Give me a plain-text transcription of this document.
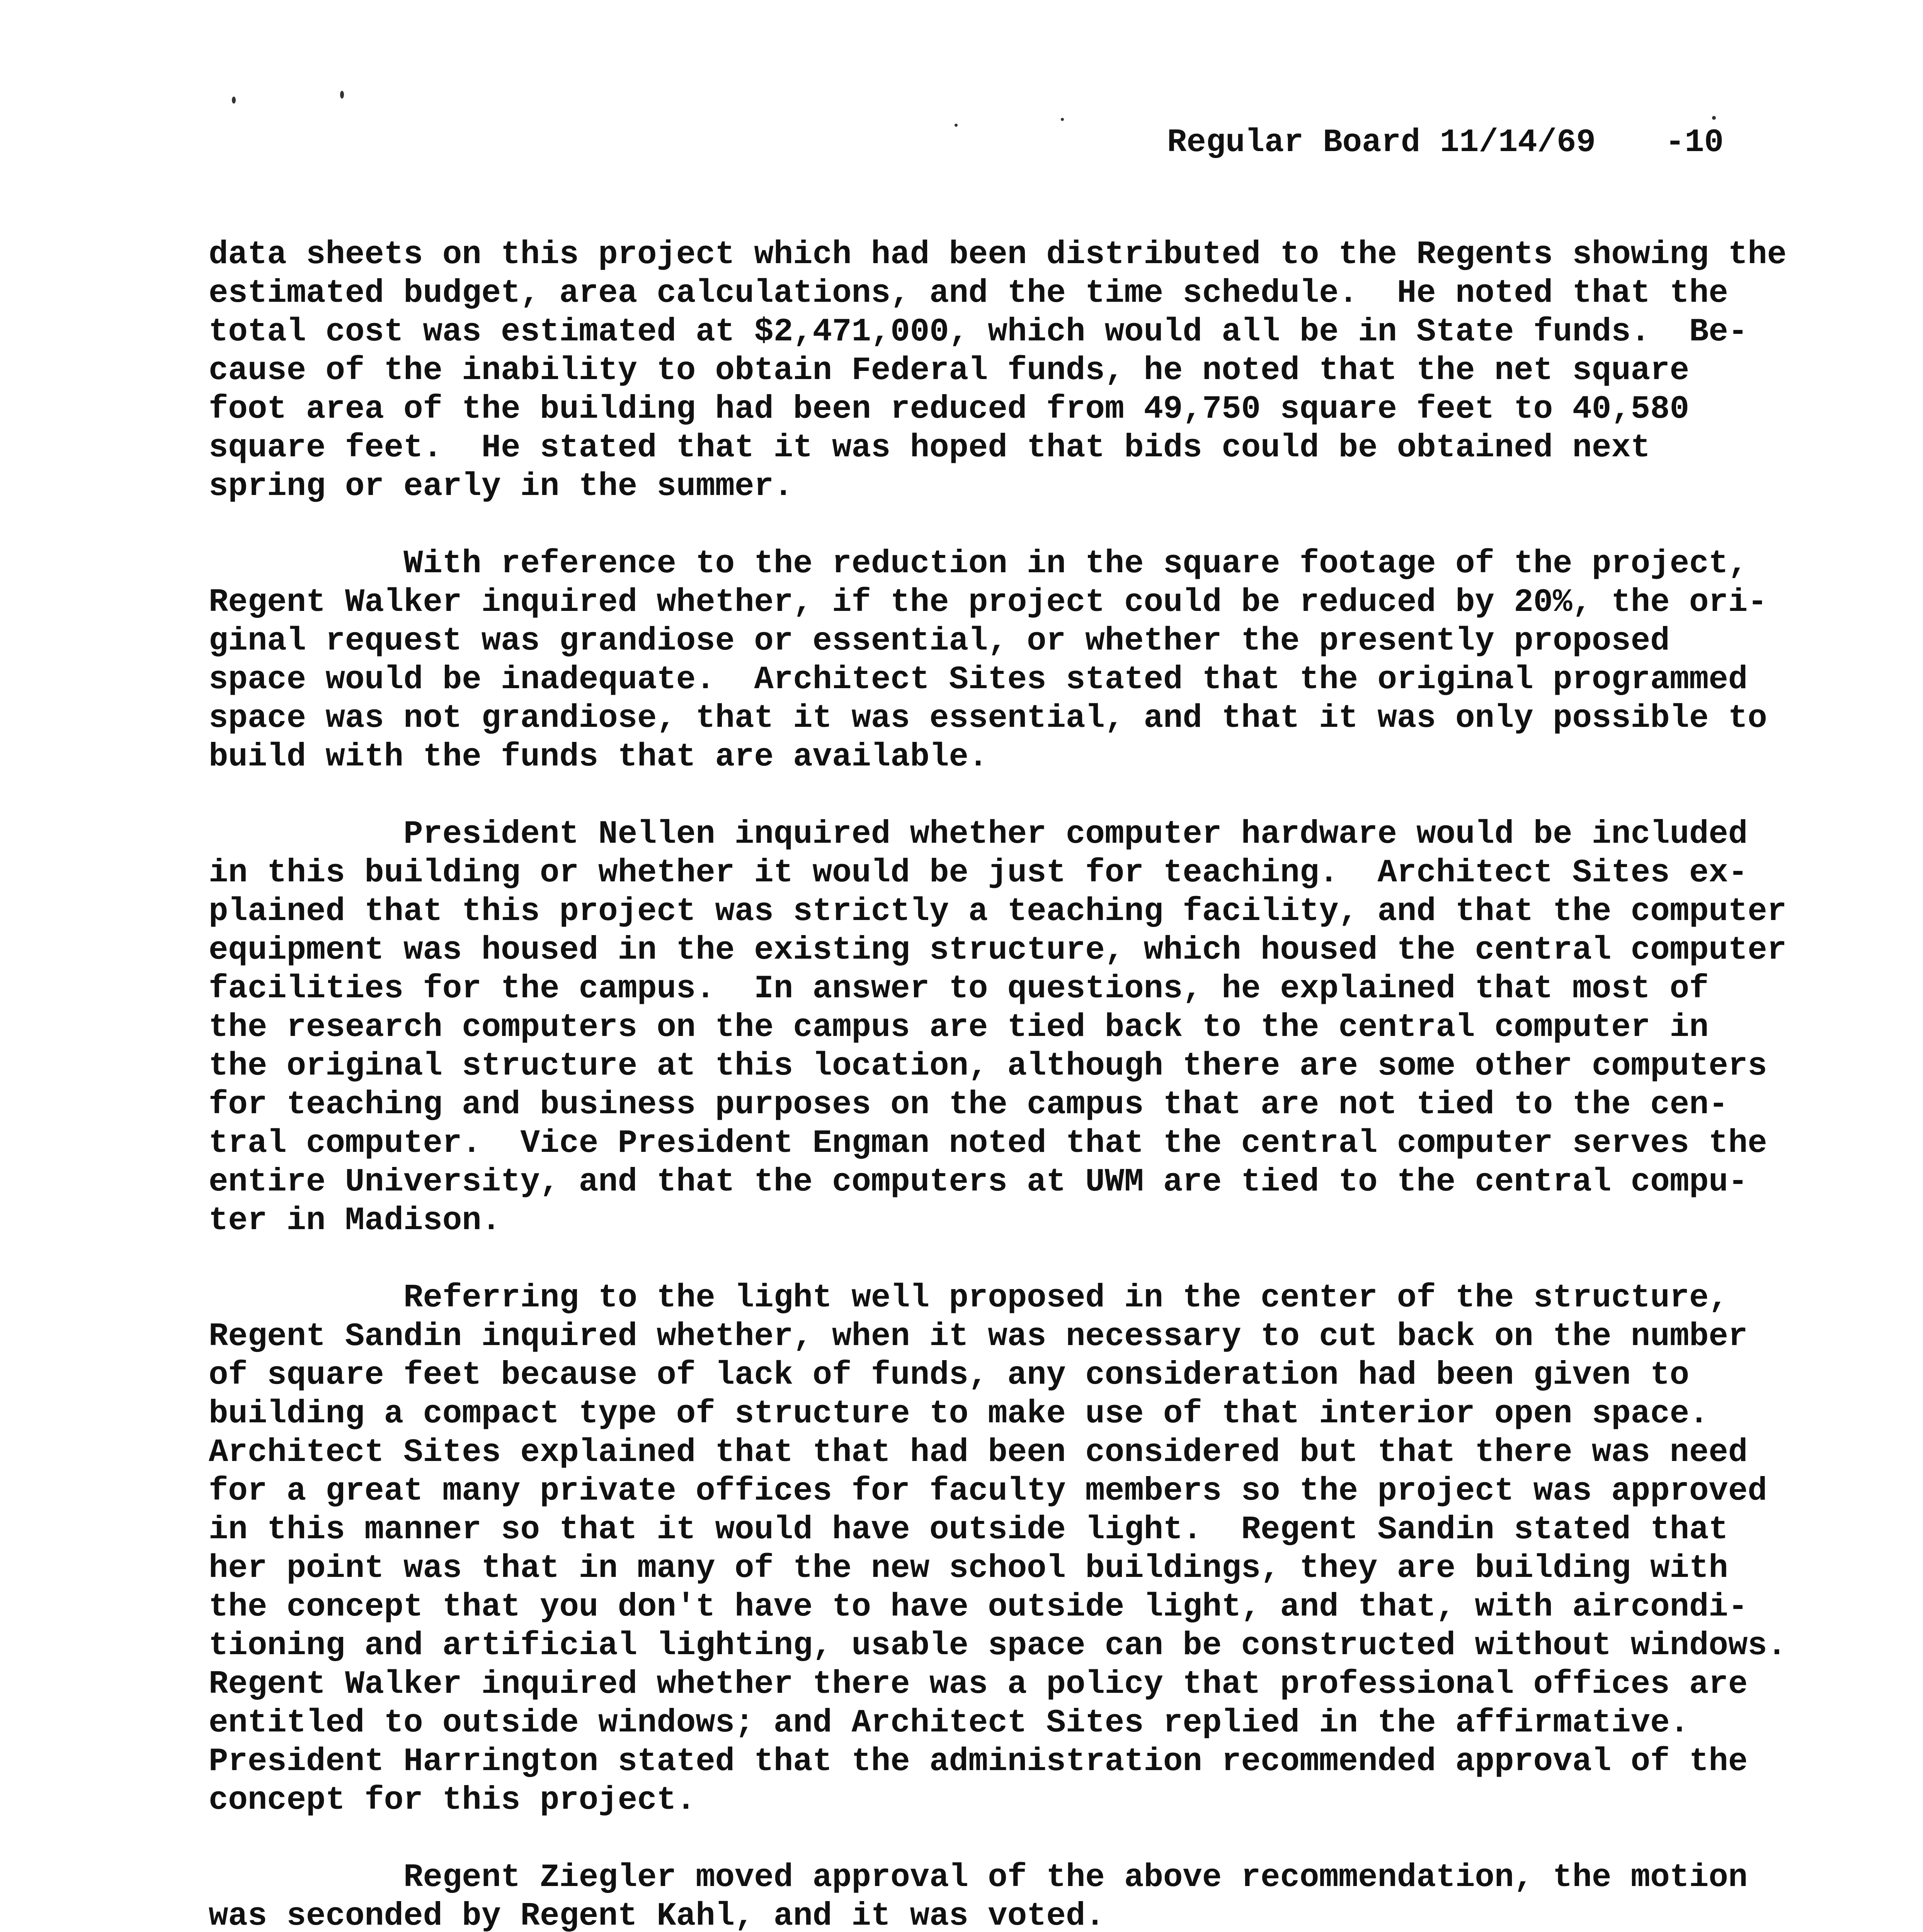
Regular Board 11/14/69 -10
data sheets on this project which had been distributed to the Regents showing the
estimated budget, area calculations, and the time schedule.  He noted that the
total cost was estimated at $2,471,000, which would all be in State funds.  Be-
cause of the inability to obtain Federal funds, he noted that the net square
foot area of the building had been reduced from 49,750 square feet to 40,580
square feet.  He stated that it was hoped that bids could be obtained next
spring or early in the summer.
With reference to the reduction in the square footage of the project,
Regent Walker inquired whether, if the project could be reduced by 20%, the ori-
ginal request was grandiose or essential, or whether the presently proposed
space would be inadequate.  Architect Sites stated that the original programmed
space was not grandiose, that it was essential, and that it was only possible to
build with the funds that are available.
President Nellen inquired whether computer hardware would be included
in this building or whether it would be just for teaching.  Architect Sites ex-
plained that this project was strictly a teaching facility, and that the computer
equipment was housed in the existing structure, which housed the central computer
facilities for the campus.  In answer to questions, he explained that most of
the research computers on the campus are tied back to the central computer in
the original structure at this location, although there are some other computers
for teaching and business purposes on the campus that are not tied to the cen-
tral computer.  Vice President Engman noted that the central computer serves the
entire University, and that the computers at UWM are tied to the central compu-
ter in Madison.
Referring to the light well proposed in the center of the structure,
Regent Sandin inquired whether, when it was necessary to cut back on the number
of square feet because of lack of funds, any consideration had been given to
building a compact type of structure to make use of that interior open space.
Architect Sites explained that that had been considered but that there was need
for a great many private offices for faculty members so the project was approved
in this manner so that it would have outside light.  Regent Sandin stated that
her point was that in many of the new school buildings, they are building with
the concept that you don't have to have outside light, and that, with aircondi-
tioning and artificial lighting, usable space can be constructed without windows.
Regent Walker inquired whether there was a policy that professional offices are
entitled to outside windows; and Architect Sites replied in the affirmative.
President Harrington stated that the administration recommended approval of the
concept for this project.
Regent Ziegler moved approval of the above recommendation, the motion
was seconded by Regent Kahl, and it was voted.
